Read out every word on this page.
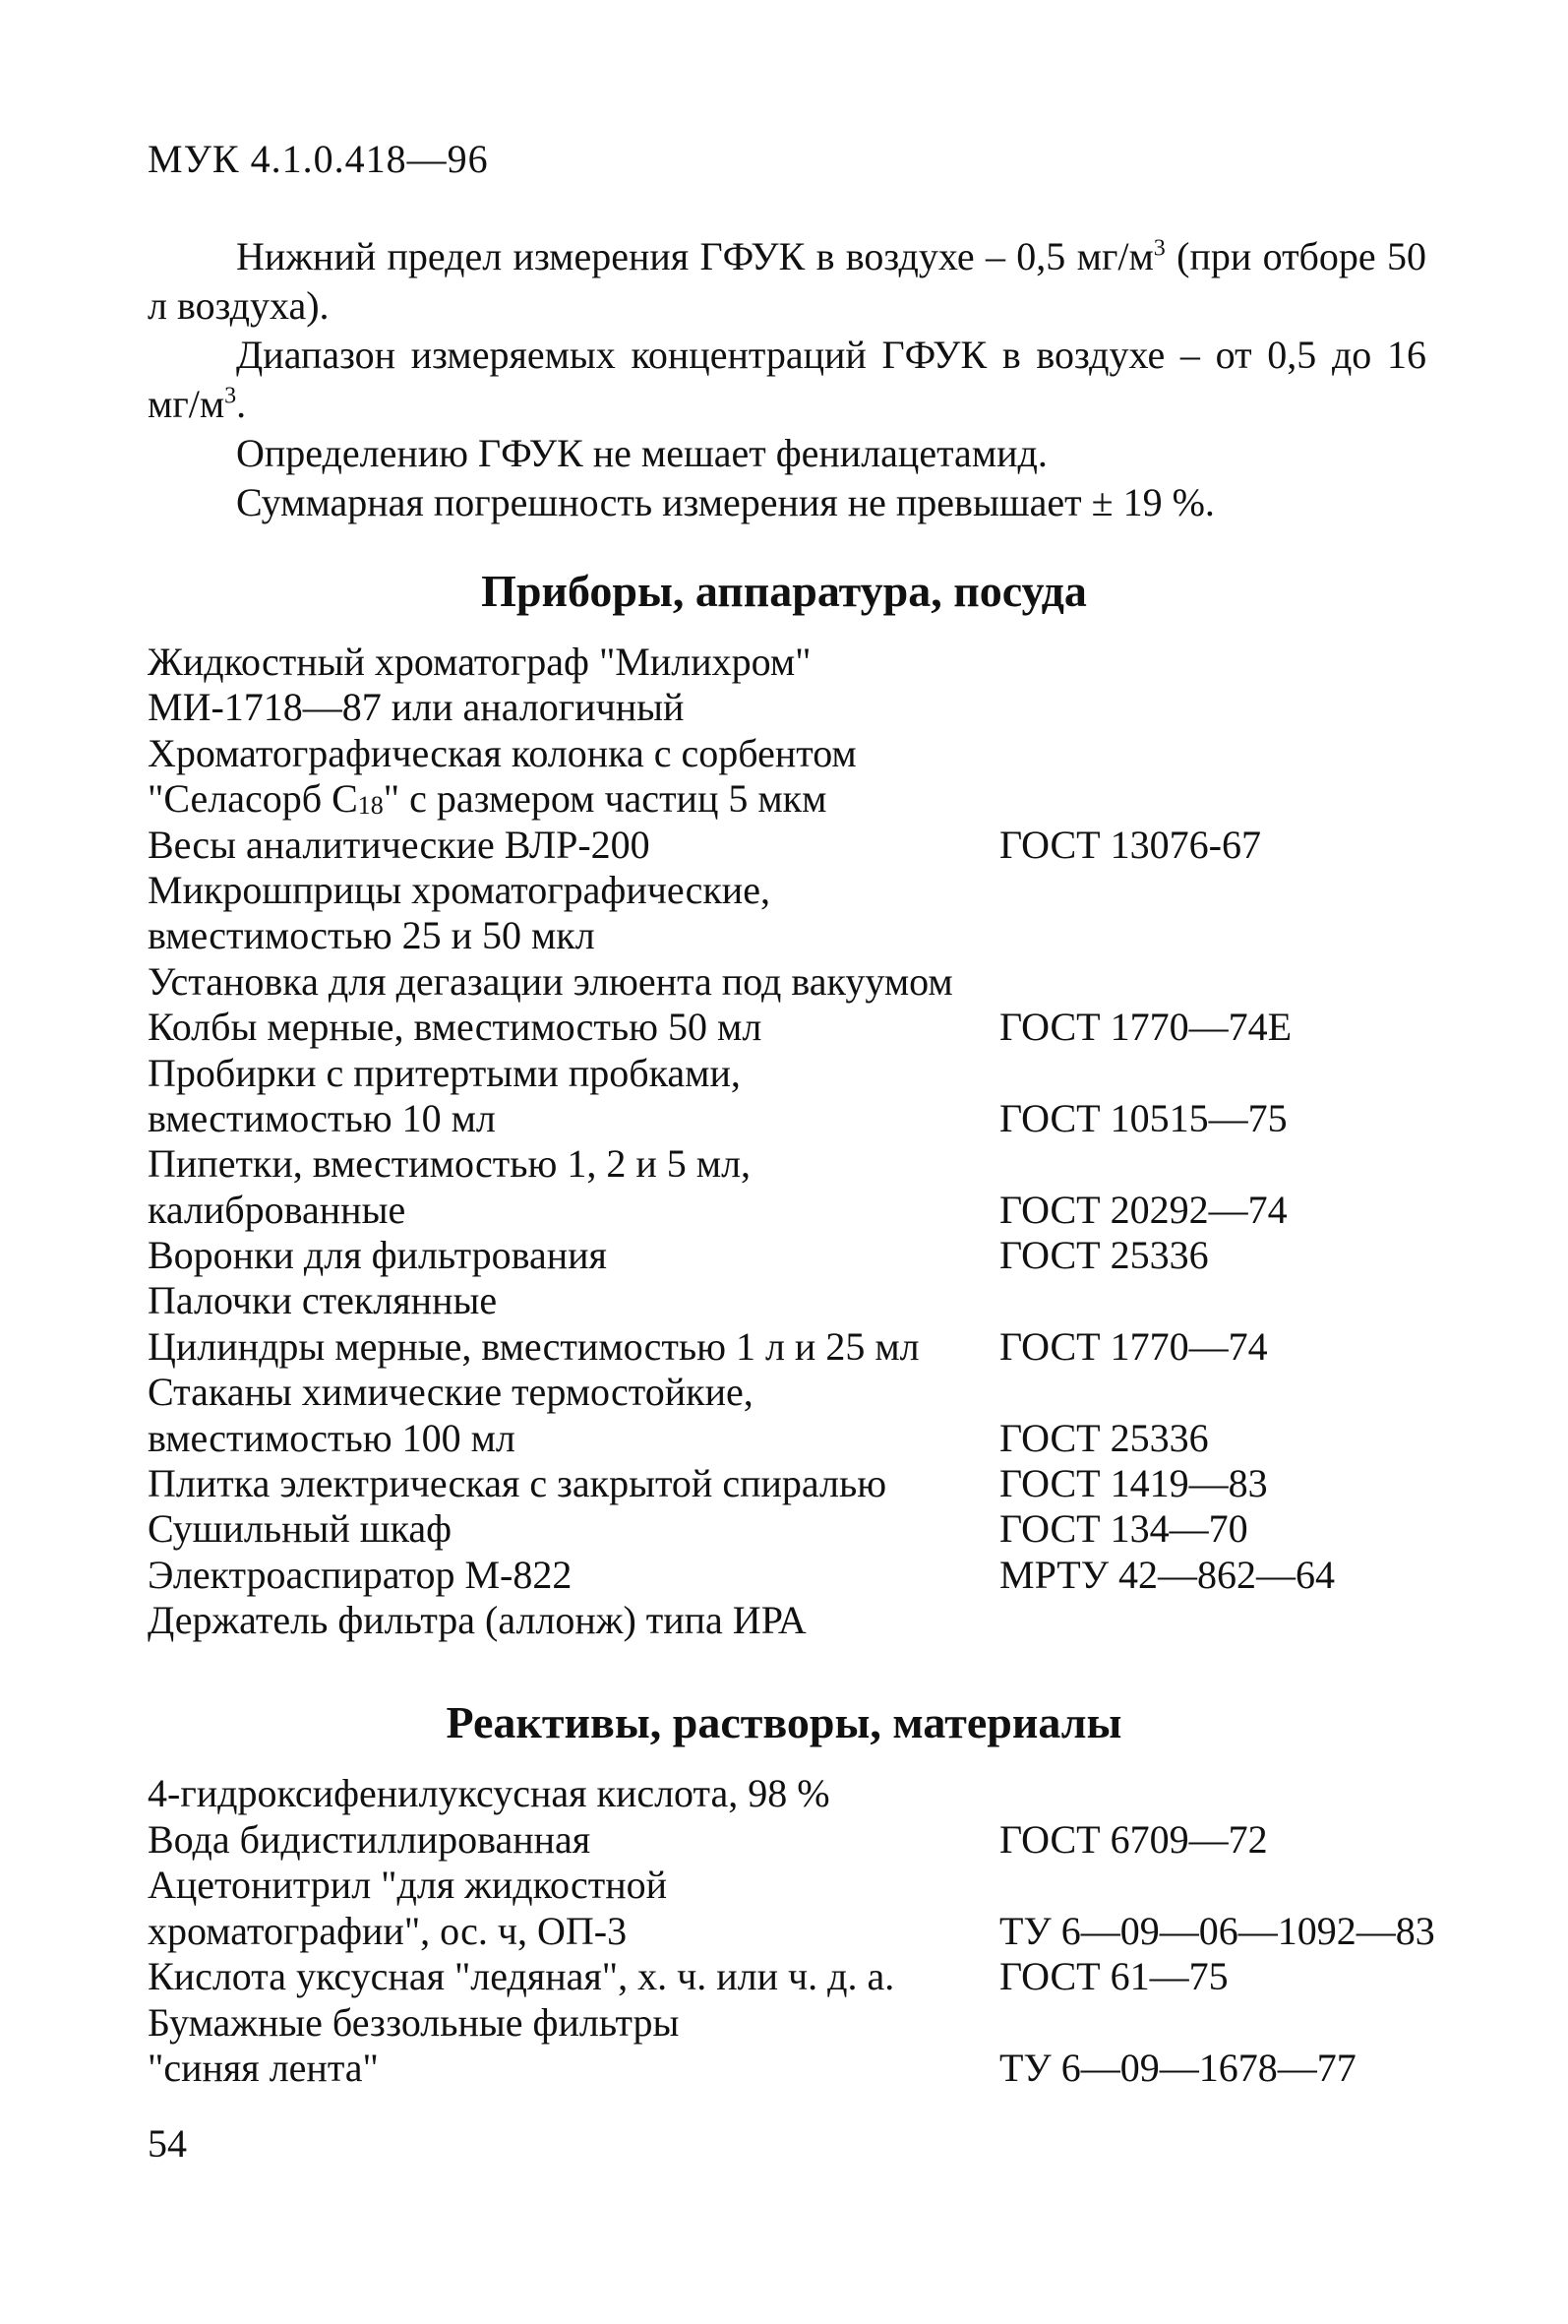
МУК 4.1.0.418—96

Нижний предел измерения ГФУК в воздухе – 0,5 $мг/м^3$ (при отборе 50 л воздуха).

Диапазон измеряемых концентраций ГФУК в воздухе – от 0,5 до 16 $мг/м^3$.

Определению ГФУК не мешает фенилацетамид.

Суммарная погрешность измерения не превышает ± 19 %.

Приборы, аппаратура, посуда
Жидкостный хроматограф "Милихром"
МИ-1718—87 или аналогичный
Хроматографическая колонка с сорбентом
"Селасорб $С_{18}$" с размером частиц 5 мкм
Весы аналитические ВЛР-200	ГОСТ 13076-67
Микрошприцы хроматографические,
вместимостью 25 и 50 мкл
Установка для дегазации элюента под вакуумом
Колбы мерные, вместимостью 50 мл	ГОСТ 1770—74Е
Пробирки с притертыми пробками,
вместимостью 10 мл	ГОСТ 10515—75
Пипетки, вместимостью 1, 2 и 5 мл,
калиброванные	ГОСТ 20292—74
Воронки для фильтрования	ГОСТ 25336
Палочки стеклянные
Цилиндры мерные, вместимостью 1 л и 25 мл	ГОСТ 1770—74
Стаканы химические термостойкие,
вместимостью 100 мл	ГОСТ 25336
Плитка электрическая с закрытой спиралью	ГОСТ 1419—83
Сушильный шкаф	ГОСТ 134—70
Электроаспиратор М-822	МРТУ 42—862—64
Держатель фильтра (аллонж) типа ИРА
Реактивы, растворы, материалы
4-гидроксифенилуксусная кислота, 98 %
Вода бидистиллированная	ГОСТ 6709—72
Ацетонитрил "для жидкостной
хроматографии", ос. ч, ОП-3	ТУ 6—09—06—1092—83
Кислота уксусная "ледяная", х. ч. или ч. д. а.	ГОСТ 61—75
Бумажные беззольные фильтры
"синяя лента"	ТУ 6—09—1678—77
54
